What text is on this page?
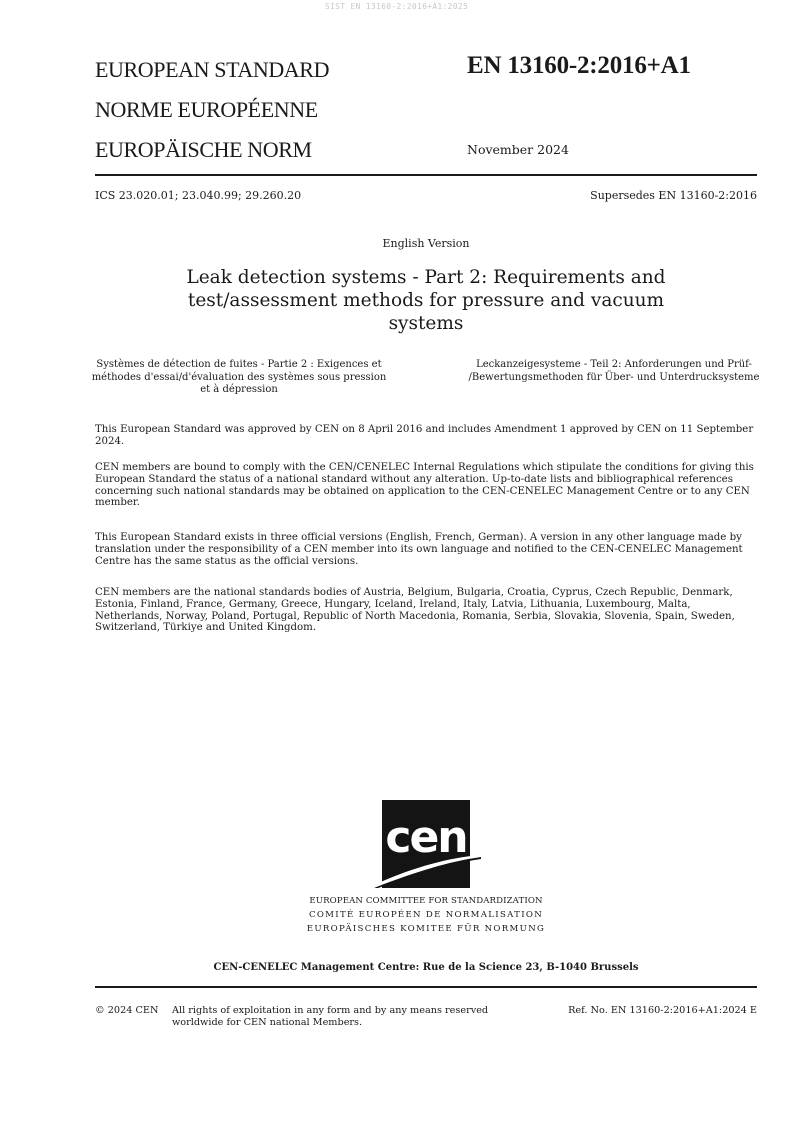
SIST EN 13160-2:2016+A1:2025
EUROPEAN STANDARD
NORME EUROPÉENNE
EUROPÄISCHE NORM
EN 13160-2:2016+A1
November 2024
ICS 23.020.01; 23.040.99; 29.260.20	Supersedes EN 13160-2:2016
English Version
Leak detection systems - Part 2: Requirements and test/assessment methods for pressure and vacuum systems
Systèmes de détection de fuites - Partie 2 : Exigences et méthodes d'essai/d'évaluation des systèmes sous pression et à dépression
Leckanzeigesysteme - Teil 2: Anforderungen und Prüf- /Bewertungsmethoden für Über- und Unterdrucksysteme
This European Standard was approved by CEN on 8 April 2016 and includes Amendment 1 approved by CEN on 11 September 2024.
CEN members are bound to comply with the CEN/CENELEC Internal Regulations which stipulate the conditions for giving this European Standard the status of a national standard without any alteration. Up-to-date lists and bibliographical references concerning such national standards may be obtained on application to the CEN-CENELEC Management Centre or to any CEN member.
This European Standard exists in three official versions (English, French, German). A version in any other language made by translation under the responsibility of a CEN member into its own language and notified to the CEN-CENELEC Management Centre has the same status as the official versions.
CEN members are the national standards bodies of Austria, Belgium, Bulgaria, Croatia, Cyprus, Czech Republic, Denmark, Estonia, Finland, France, Germany, Greece, Hungary, Iceland, Ireland, Italy, Latvia, Lithuania, Luxembourg, Malta, Netherlands, Norway, Poland, Portugal, Republic of North Macedonia, Romania, Serbia, Slovakia, Slovenia, Spain, Sweden, Switzerland, Türkiye and United Kingdom.
cen
EUROPEAN COMMITTEE FOR STANDARDIZATION
COMITÉ EUROPÉEN DE NORMALISATION
EUROPÄISCHES KOMITEE FÜR NORMUNG
CEN-CENELEC Management Centre: Rue de la Science 23, B-1040 Brussels
© 2024 CEN All rights of exploitation in any form and by any means reserved worldwide for CEN national Members.
Ref. No. EN 13160-2:2016+A1:2024 E
